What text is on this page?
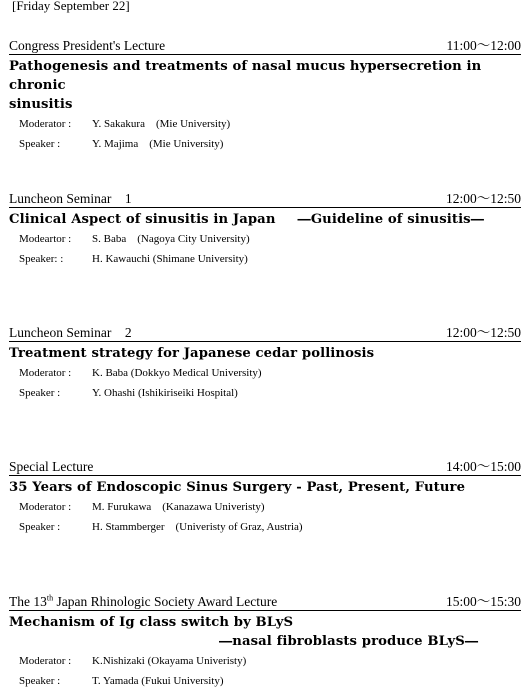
[Friday September 22]
Congress President's Lecture	11:00〜12:00
Pathogenesis and treatments of nasal mucus hypersecretion in chronic
sinusitis
Moderator :	Y. Sakakura　(Mie University)
Speaker :	Y. Majima　(Mie University)
Luncheon Seminar　1	12:00〜12:50
Clinical Aspect of sinusitis in Japan ―Guideline of sinusitis―
Modeartor :	S. Baba　(Nagoya City University)
Speaker: :	H. Kawauchi (Shimane University)
Luncheon Seminar　2	12:00〜12:50
Treatment strategy for Japanese cedar pollinosis
Moderator :	K. Baba (Dokkyo Medical University)
Speaker :	Y. Ohashi (Ishikiriseiki Hospital)
Special Lecture	14:00〜15:00
35 Years of Endoscopic Sinus Surgery - Past, Present, Future
Moderator :	M. Furukawa　(Kanazawa Univeristy)
Speaker :	H. Stammberger　(Univeristy of Graz, Austria)
The 13th Japan Rhinologic Society Award Lecture	15:00〜15:30
Mechanism of Ig class switch by BLyS
―nasal fibroblasts produce BLyS―
Moderator :	K.Nishizaki (Okayama Univeristy)
Speaker :	T. Yamada (Fukui University)
